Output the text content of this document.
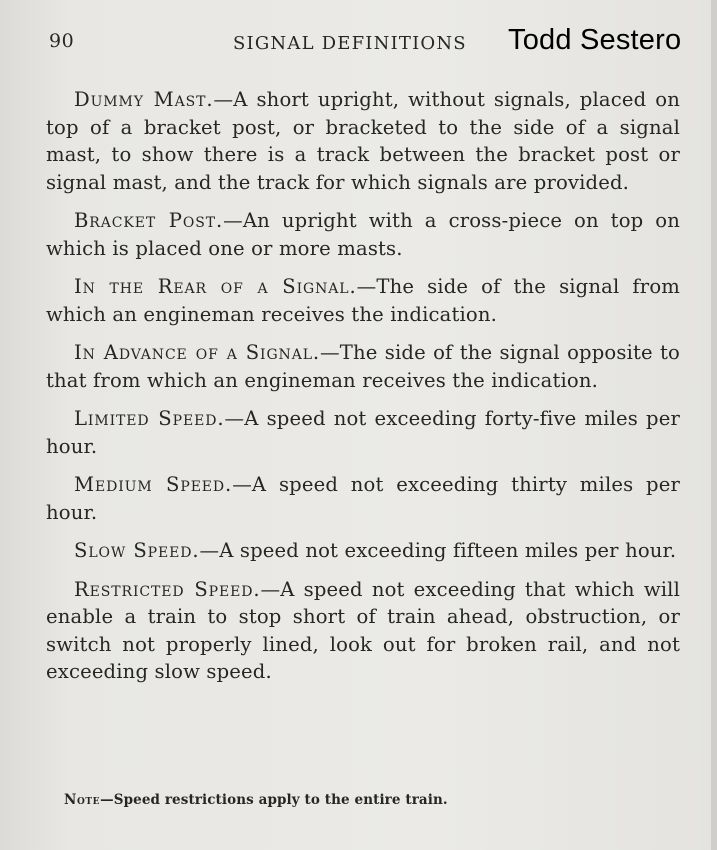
90	SIGNAL DEFINITIONS Todd Sestero

Dummy Mast.—A short upright, without signals, placed on top of a bracket post, or bracketed to the side of a signal mast, to show there is a track between the bracket post or signal mast, and the track for which signals are provided.

Bracket Post.—An upright with a cross-piece on top on which is placed one or more masts.

In the Rear of a Signal.—The side of the signal from which an engineman receives the indication.

In Advance of a Signal.—The side of the signal opposite to that from which an engineman receives the indication.

Limited Speed.—A speed not exceeding forty-five miles per hour.

Medium Speed.—A speed not exceeding thirty miles per hour.

Slow Speed.—A speed not exceeding fifteen miles per hour.

Restricted Speed.—A speed not exceeding that which will enable a train to stop short of train ahead, obstruction, or switch not properly lined, look out for broken rail, and not exceeding slow speed.

Note—Speed restrictions apply to the entire train.
